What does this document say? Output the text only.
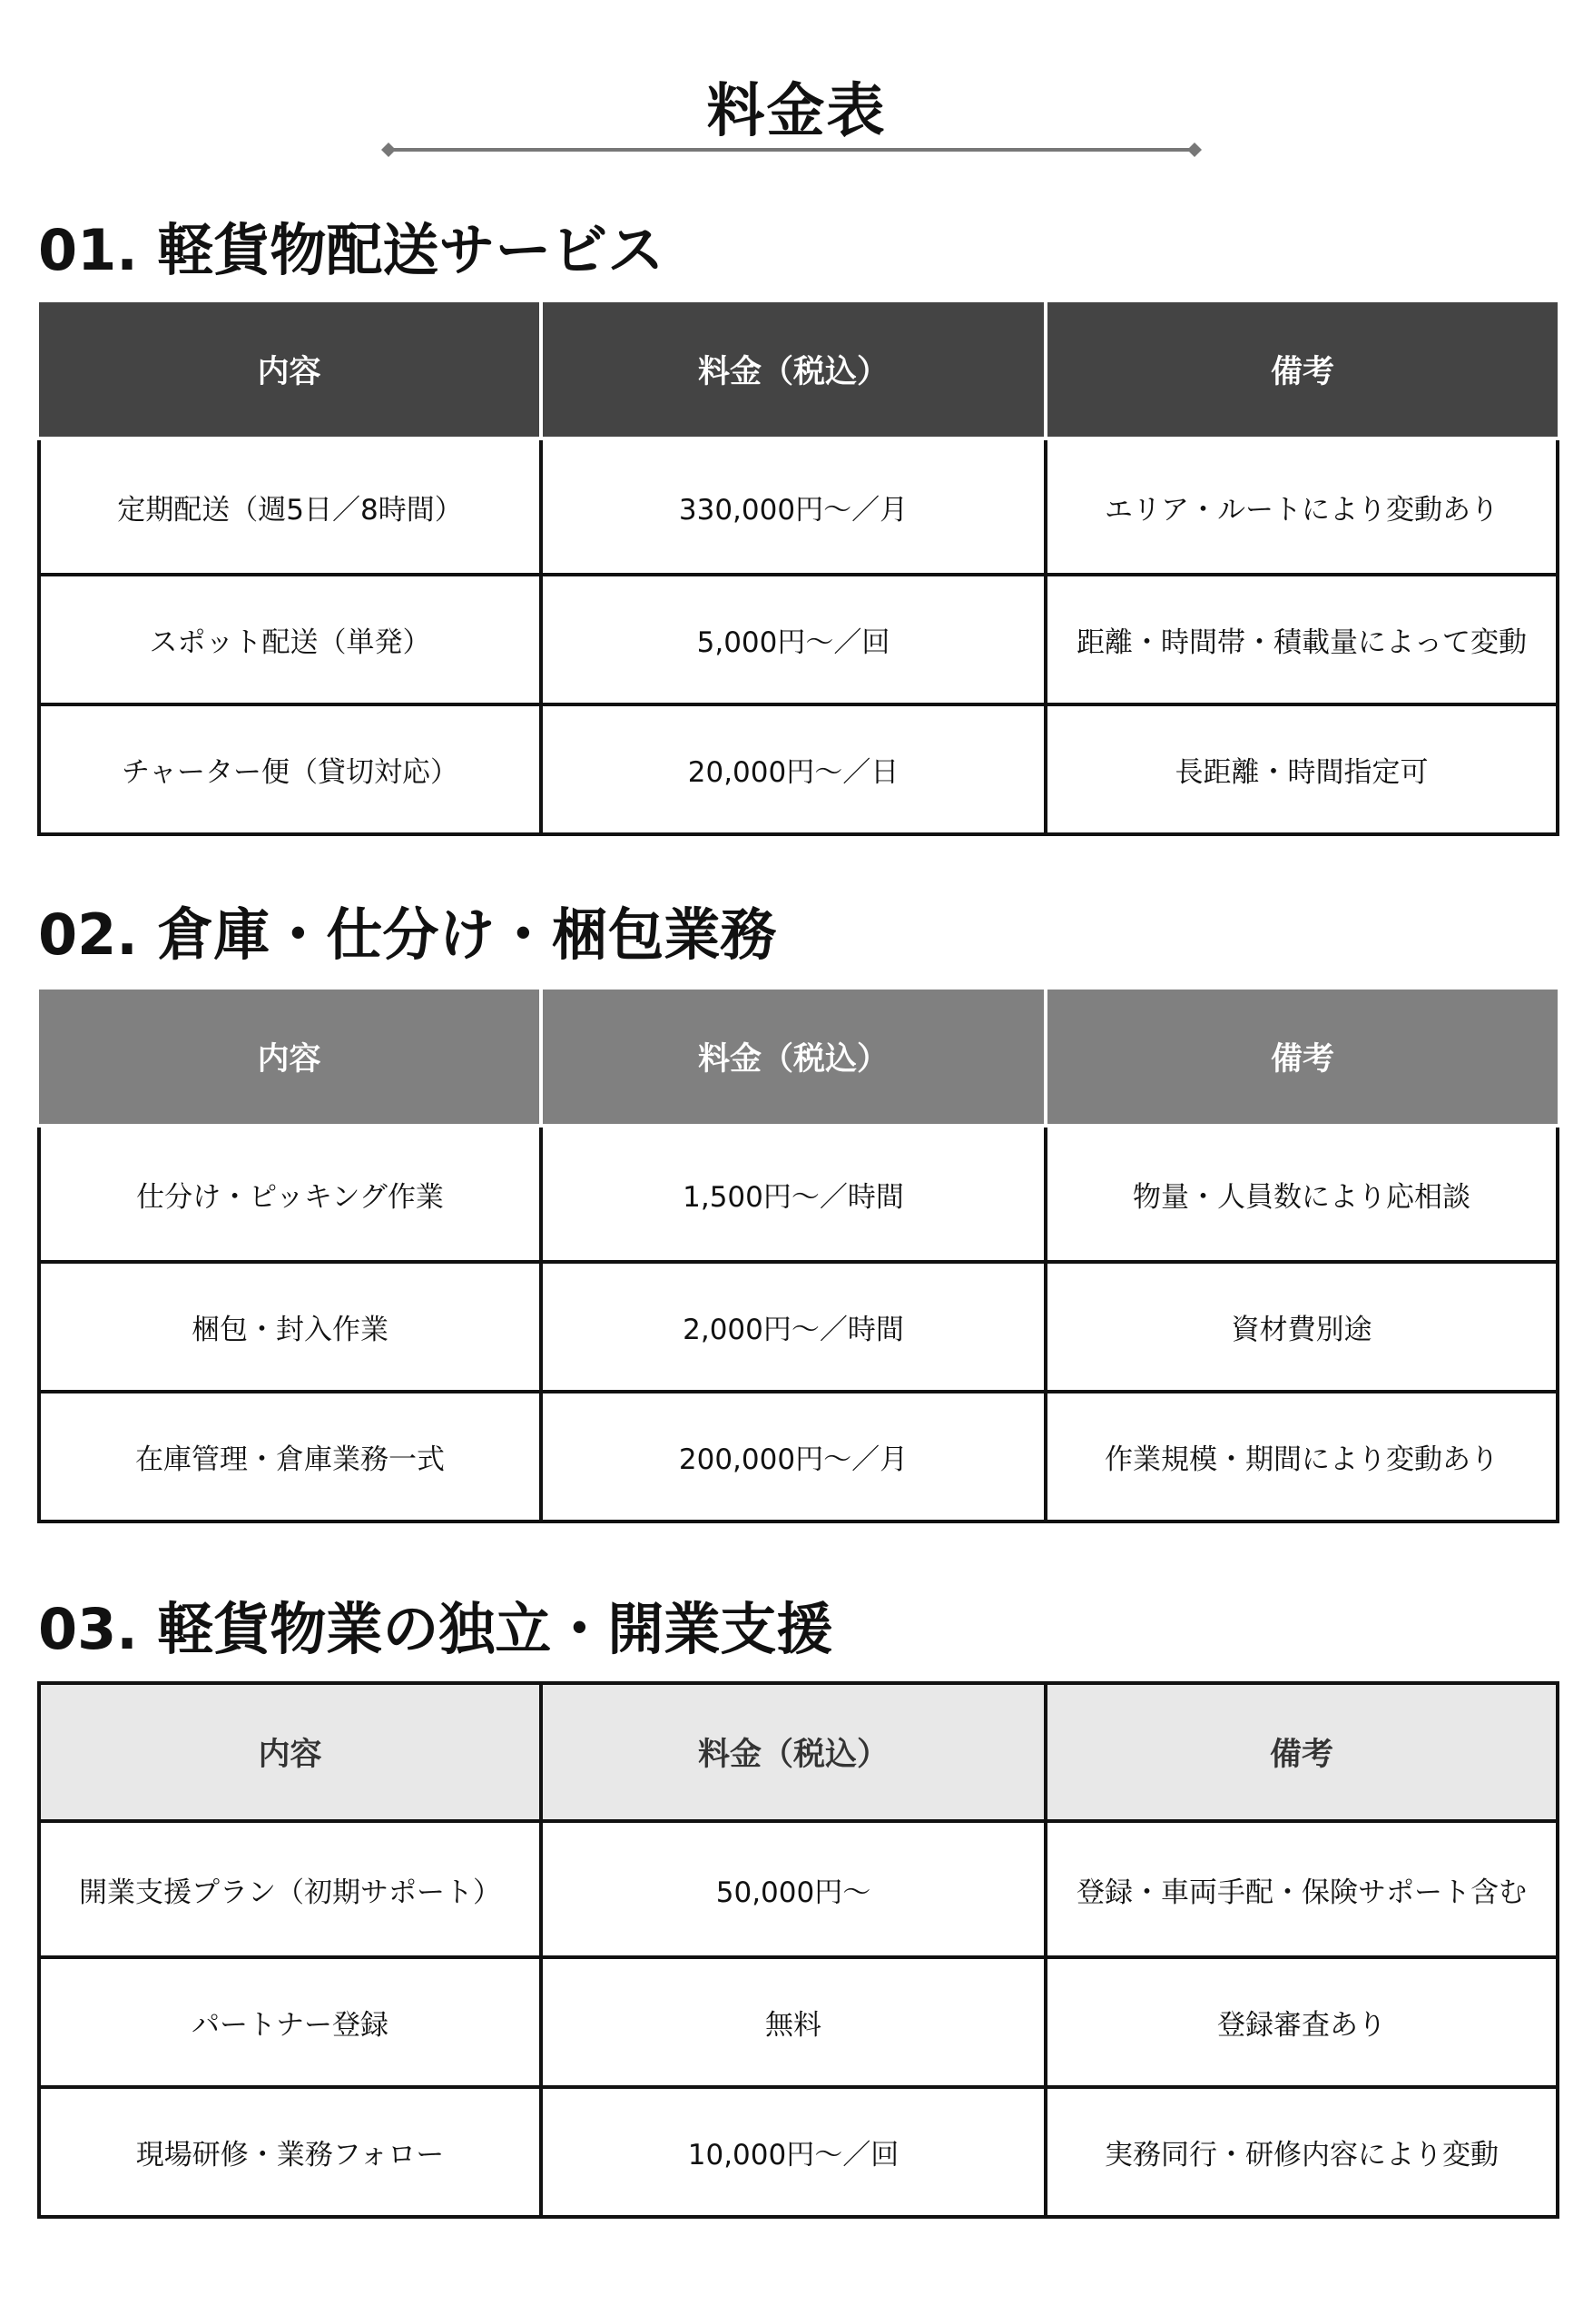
料金表
01. 軽貨物配送サービス
内容	料金（税込）	備考
定期配送（週5日／8時間）	330,000円〜／月	エリア・ルートにより変動あり
スポット配送（単発）	5,000円〜／回	距離・時間帯・積載量によって変動
チャーター便（貸切対応）	20,000円〜／日	長距離・時間指定可
02. 倉庫・仕分け・梱包業務
内容	料金（税込）	備考
仕分け・ピッキング作業	1,500円〜／時間	物量・人員数により応相談
梱包・封入作業	2,000円〜／時間	資材費別途
在庫管理・倉庫業務一式	200,000円〜／月	作業規模・期間により変動あり
03. 軽貨物業の独立・開業支援
内容	料金（税込）	備考
開業支援プラン（初期サポート）	50,000円〜	登録・車両手配・保険サポート含む
パートナー登録	無料	登録審査あり
現場研修・業務フォロー	10,000円〜／回	実務同行・研修内容により変動
